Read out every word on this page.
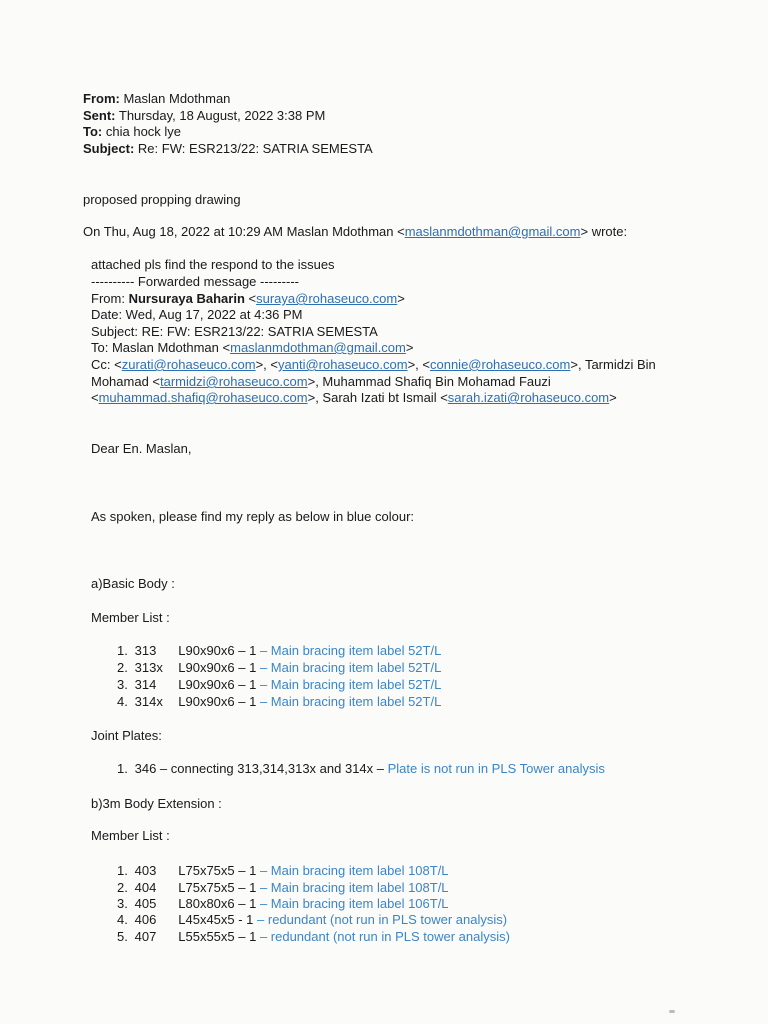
From: Maslan Mdothman
Sent: Thursday, 18 August, 2022 3:38 PM
To: chia hock lye
Subject: Re: FW: ESR213/22: SATRIA SEMESTA
proposed propping drawing
On Thu, Aug 18, 2022 at 10:29 AM Maslan Mdothman <maslanmdothman@gmail.com> wrote:
attached pls find the respond to the issues
---------- Forwarded message ---------
From: Nursuraya Baharin <suraya@rohaseuco.com>
Date: Wed, Aug 17, 2022 at 4:36 PM
Subject: RE: FW: ESR213/22: SATRIA SEMESTA
To: Maslan Mdothman <maslanmdothman@gmail.com>
Cc: <zurati@rohaseuco.com>, <yanti@rohaseuco.com>, <connie@rohaseuco.com>, Tarmidzi Bin
Mohamad <tarmidzi@rohaseuco.com>, Muhammad Shafiq Bin Mohamad Fauzi
<muhammad.shafiq@rohaseuco.com>, Sarah Izati bt Ismail <sarah.izati@rohaseuco.com>
Dear En. Maslan,
As spoken, please find my reply as below in blue colour:
a)Basic Body :
Member List :
1. 313 L90x90x6 – 1 – Main bracing item label 52T/L
2. 313x L90x90x6 – 1 – Main bracing item label 52T/L
3. 314 L90x90x6 – 1 – Main bracing item label 52T/L
4. 314x L90x90x6 – 1 – Main bracing item label 52T/L
Joint Plates:
1. 346 – connecting 313,314,313x and 314x – Plate is not run in PLS Tower analysis
b)3m Body Extension :
Member List :
1. 403 L75x75x5 – 1 – Main bracing item label 108T/L
2. 404 L75x75x5 – 1 – Main bracing item label 108T/L
3. 405 L80x80x6 – 1 – Main bracing item label 106T/L
4. 406 L45x45x5 - 1 – redundant (not run in PLS tower analysis)
5. 407 L55x55x5 – 1 – redundant (not run in PLS tower analysis)
